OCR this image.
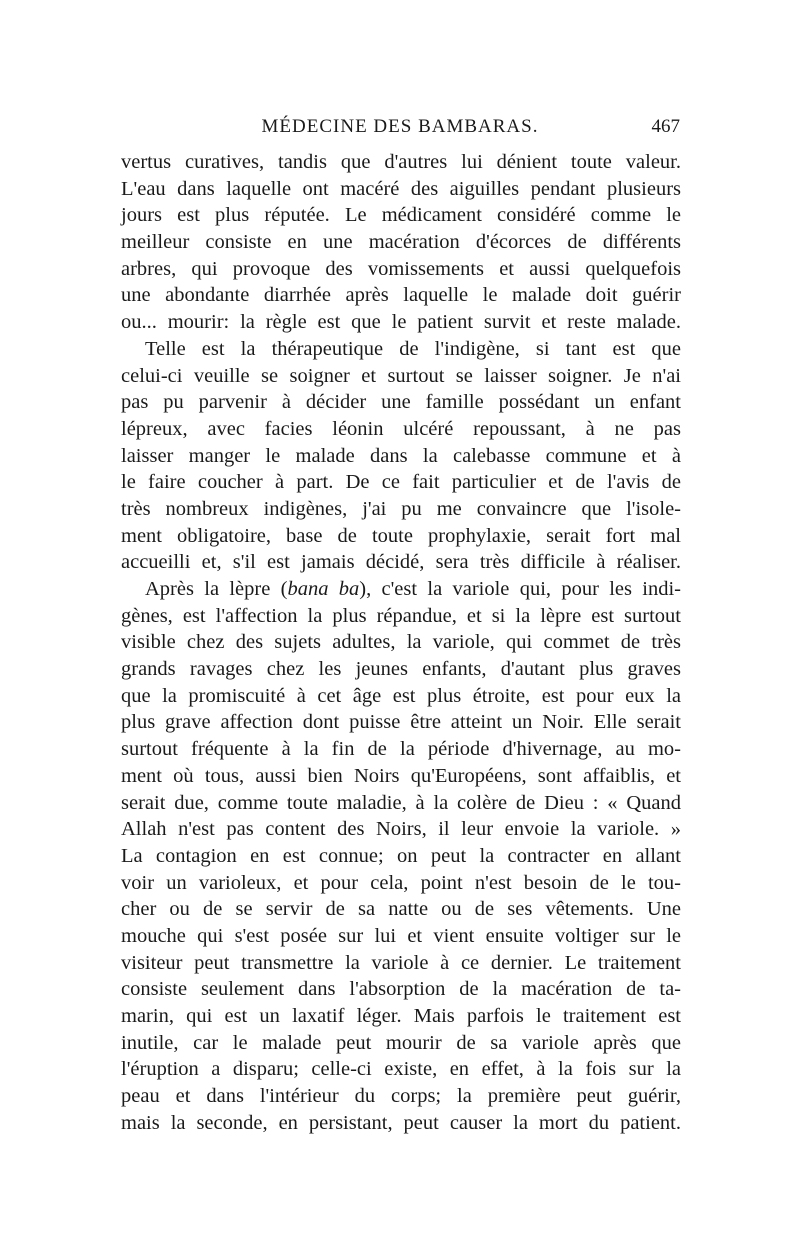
MÉDECINE DES BAMBARAS.	467
vertus curatives, tandis que d'autres lui dénient toute valeur.
L'eau dans laquelle ont macéré des aiguilles pendant plusieurs
jours est plus réputée. Le médicament considéré comme le
meilleur consiste en une macération d'écorces de différents
arbres, qui provoque des vomissements et aussi quelquefois
une abondante diarrhée après laquelle le malade doit guérir
ou... mourir: la règle est que le patient survit et reste malade.
Telle est la thérapeutique de l'indigène, si tant est que
celui-ci veuille se soigner et surtout se laisser soigner. Je n'ai
pas pu parvenir à décider une famille possédant un enfant
lépreux, avec facies léonin ulcéré repoussant, à ne pas
laisser manger le malade dans la calebasse commune et à
le faire coucher à part. De ce fait particulier et de l'avis de
très nombreux indigènes, j'ai pu me convaincre que l'isole-
ment obligatoire, base de toute prophylaxie, serait fort mal
accueilli et, s'il est jamais décidé, sera très difficile à réaliser.
Après la lèpre (bana ba), c'est la variole qui, pour les indi-
gènes, est l'affection la plus répandue, et si la lèpre est surtout
visible chez des sujets adultes, la variole, qui commet de très
grands ravages chez les jeunes enfants, d'autant plus graves
que la promiscuité à cet âge est plus étroite, est pour eux la
plus grave affection dont puisse être atteint un Noir. Elle serait
surtout fréquente à la fin de la période d'hivernage, au mo-
ment où tous, aussi bien Noirs qu'Européens, sont affaiblis, et
serait due, comme toute maladie, à la colère de Dieu : « Quand
Allah n'est pas content des Noirs, il leur envoie la variole. »
La contagion en est connue; on peut la contracter en allant
voir un varioleux, et pour cela, point n'est besoin de le tou-
cher ou de se servir de sa natte ou de ses vêtements. Une
mouche qui s'est posée sur lui et vient ensuite voltiger sur le
visiteur peut transmettre la variole à ce dernier. Le traitement
consiste seulement dans l'absorption de la macération de ta-
marin, qui est un laxatif léger. Mais parfois le traitement est
inutile, car le malade peut mourir de sa variole après que
l'éruption a disparu; celle-ci existe, en effet, à la fois sur la
peau et dans l'intérieur du corps; la première peut guérir,
mais la seconde, en persistant, peut causer la mort du patient.
